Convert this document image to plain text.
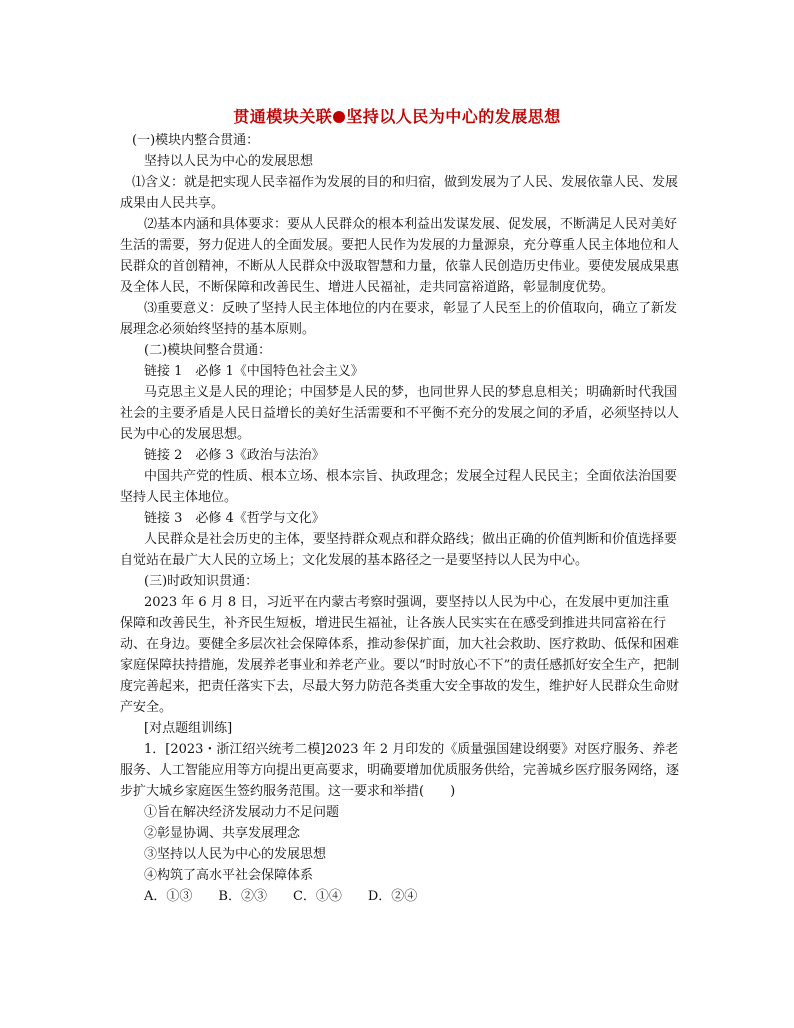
贯通模块关联 坚持以人民为中心的发展思想

(一)模块内整合贯通：

坚持以人民为中心的发展思想

⑴含义：就是把实现人民幸福作为发展的目的和归宿，做到发展为了人民、发展依靠人民、发展成果由人民共享。

⑵基本内涵和具体要求：要从人民群众的根本利益出发谋发展、促发展，不断满足人民对美好生活的需要，努力促进人的全面发展。要把人民作为发展的力量源泉，充分尊重人民主体地位和人民群众的首创精神，不断从人民群众中汲取智慧和力量，依靠人民创造历史伟业。要使发展成果惠及全体人民，不断保障和改善民生、增进人民福祉，走共同富裕道路，彰显制度优势。

⑶重要意义：反映了坚持人民主体地位的内在要求，彰显了人民至上的价值取向，确立了新发展理念必须始终坚持的基本原则。

(二)模块间整合贯通：

链接 1　必修 1《中国特色社会主义》

马克思主义是人民的理论；中国梦是人民的梦，也同世界人民的梦息息相关；明确新时代我国社会的主要矛盾是人民日益增长的美好生活需要和不平衡不充分的发展之间的矛盾，必须坚持以人民为中心的发展思想。

链接 2　必修 3《政治与法治》

中国共产党的性质、根本立场、根本宗旨、执政理念；发展全过程人民民主；全面依法治国要坚持人民主体地位。

链接 3　必修 4《哲学与文化》

人民群众是社会历史的主体，要坚持群众观点和群众路线；做出正确的价值判断和价值选择要自觉站在最广大人民的立场上；文化发展的基本路径之一是要坚持以人民为中心。

(三)时政知识贯通：

2023 年 6 月 8 日，习近平在内蒙古考察时强调，要坚持以人民为中心，在发展中更加注重保障和改善民生，补齐民生短板，增进民生福祉，让各族人民实实在在感受到推进共同富裕在行动、在身边。要健全多层次社会保障体系，推动参保扩面，加大社会救助、医疗救助、低保和困难家庭保障扶持措施，发展养老事业和养老产业。要以“时时放心不下”的责任感抓好安全生产，把制度完善起来，把责任落实下去，尽最大努力防范各类重大安全事故的发生，维护好人民群众生命财产安全。

[对点题组训练]

1．[2023・浙江绍兴统考二模]2023 年 2 月印发的《质量强国建设纲要》对医疗服务、养老服务、人工智能应用等方向提出更高要求，明确要增加优质服务供给，完善城乡医疗服务网络，逐步扩大城乡家庭医生签约服务范围。这一要求和举措(　　)

①旨在解决经济发展动力不足问题

②彰显协调、共享发展理念

③坚持以人民为中心的发展思想

④构筑了高水平社会保障体系

A．①③　　B．②③　　C．①④　　D．②④
